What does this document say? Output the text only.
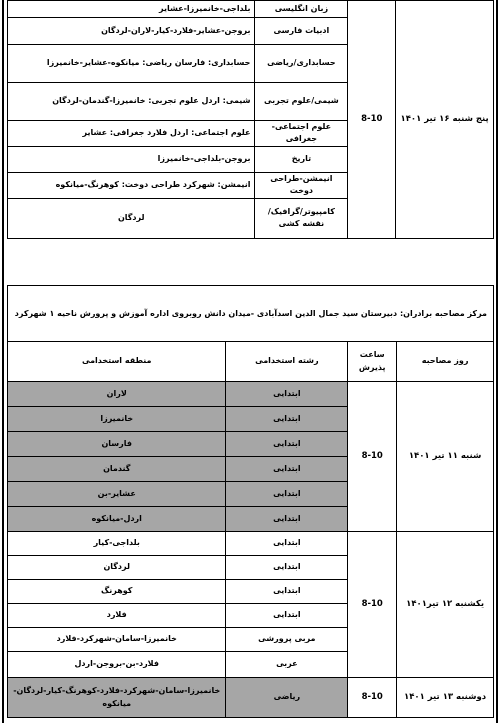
پنج شنبه ۱۶ تیر ۱۴۰۱	8-10	زبان انگلیسی	بلداجی-خانمیرزا-عشایر
		ادبیات فارسی	بروجن-عشایر-فلارد-کیار-لاران-لردگان
		حسابداری/ریاضی	حسابداری: فارسان ریاضی: میانکوه-عشایر-خانمیرزا
		شیمی/علوم تجربی	شیمی: اردل علوم تجربی: خانمیرزا-گندمان-لردگان
		علوم اجتماعی-جغرافی	علوم اجتماعی: اردل فلارد جغرافی: عشایر
		تاریخ	بروجن-بلداجی-خانمیرزا
		انیمشن-طراحی دوخت	انیمشن: شهرکرد طراحی دوخت: کوهرنگ-میانکوه
		کامپیوتر/گرافیک/نقشه کشی	لردگان
مرکز مصاحبه برادران: دبیرستان سید جمال الدین اسدآبادی -میدان دانش روبروی اداره آموزش و پرورش ناحیه ۱ شهرکرد			
روز مصاحبه	ساعت پذیرش	رشته استخدامی	منطقه استخدامی
شنبه ۱۱ تیر ۱۴۰۱	8-10	ابتدایی	لاران
		ابتدایی	خانمیرزا
		ابتدایی	فارسان
		ابتدایی	گندمان
		ابتدایی	عشایر-بن
		ابتدایی	اردل-میانکوه
یکشنبه ۱۲ تیر۱۴۰۱	8-10	ابتدایی	بلداجی-کیار
		ابتدایی	لردگان
		ابتدایی	کوهرنگ
		ابتدایی	فلارد
		مربی پرورشی	خانمیرزا-سامان-شهرکرد-فلارد
		عربی	فلارد-بن-بروجن-اردل
دوشنبه ۱۳ تیر ۱۴۰۱	8-10	ریاضی	خانمیرزا-سامان-شهرکرد-فلارد-کوهرنگ-کیار-لردگان-میانکوه
